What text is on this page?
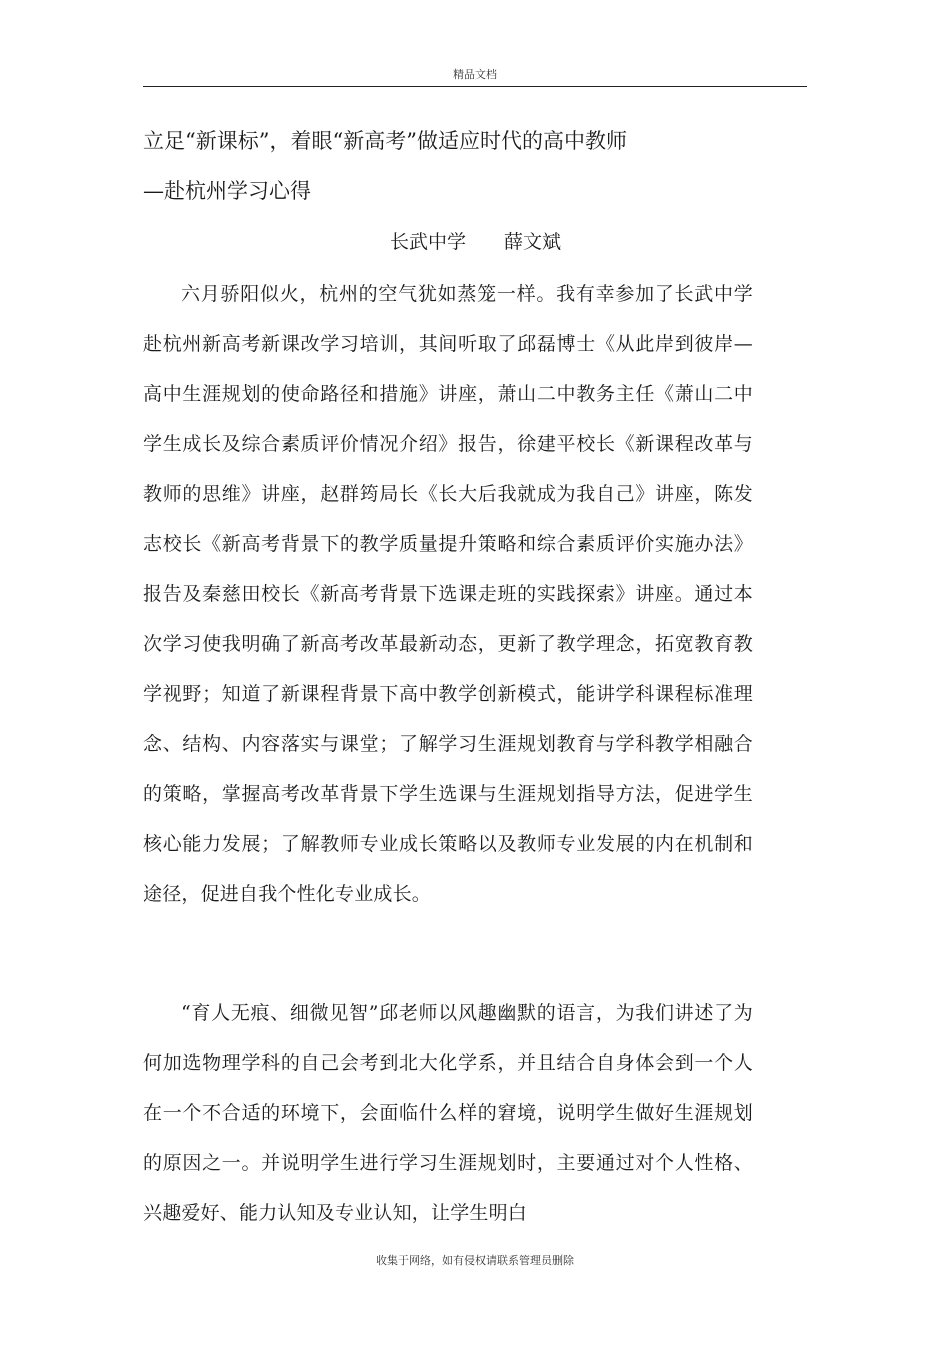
精品文档
立足“新课标”，着眼“新高考”做适应时代的高中教师
—赴杭州学习心得
长武中学 薛文斌

六月骄阳似火，杭州的空气犹如蒸笼一样。我有幸参加了长武中学赴杭州新高考新课改学习培训，其间听取了邱磊博士《从此岸到彼岸—高中生涯规划的使命路径和措施》讲座，萧山二中教务主任《萧山二中学生成长及综合素质评价情况介绍》报告，徐建平校长《新课程改革与教师的思维》讲座，赵群筠局长《长大后我就成为我自己》讲座，陈发志校长《新高考背景下的教学质量提升策略和综合素质评价实施办法》报告及秦慈田校长《新高考背景下选课走班的实践探索》讲座。通过本次学习使我明确了新高考改革最新动态，更新了教学理念，拓宽教育教学视野；知道了新课程背景下高中教学创新模式，能讲学科课程标准理念、结构、内容落实与课堂；了解学习生涯规划教育与学科教学相融合的策略，掌握高考改革背景下学生选课与生涯规划指导方法，促进学生核心能力发展；了解教师专业成长策略以及教师专业发展的内在机制和途径，促进自我个性化专业成长。

“育人无痕、细微见智”邱老师以风趣幽默的语言，为我们讲述了为何加选物理学科的自己会考到北大化学系，并且结合自身体会到一个人在一个不合适的环境下，会面临什么样的窘境，说明学生做好生涯规划的原因之一。并说明学生进行学习生涯规划时，主要通过对个人性格、兴趣爱好、能力认知及专业认知，让学生明白

收集于网络，如有侵权请联系管理员删除
